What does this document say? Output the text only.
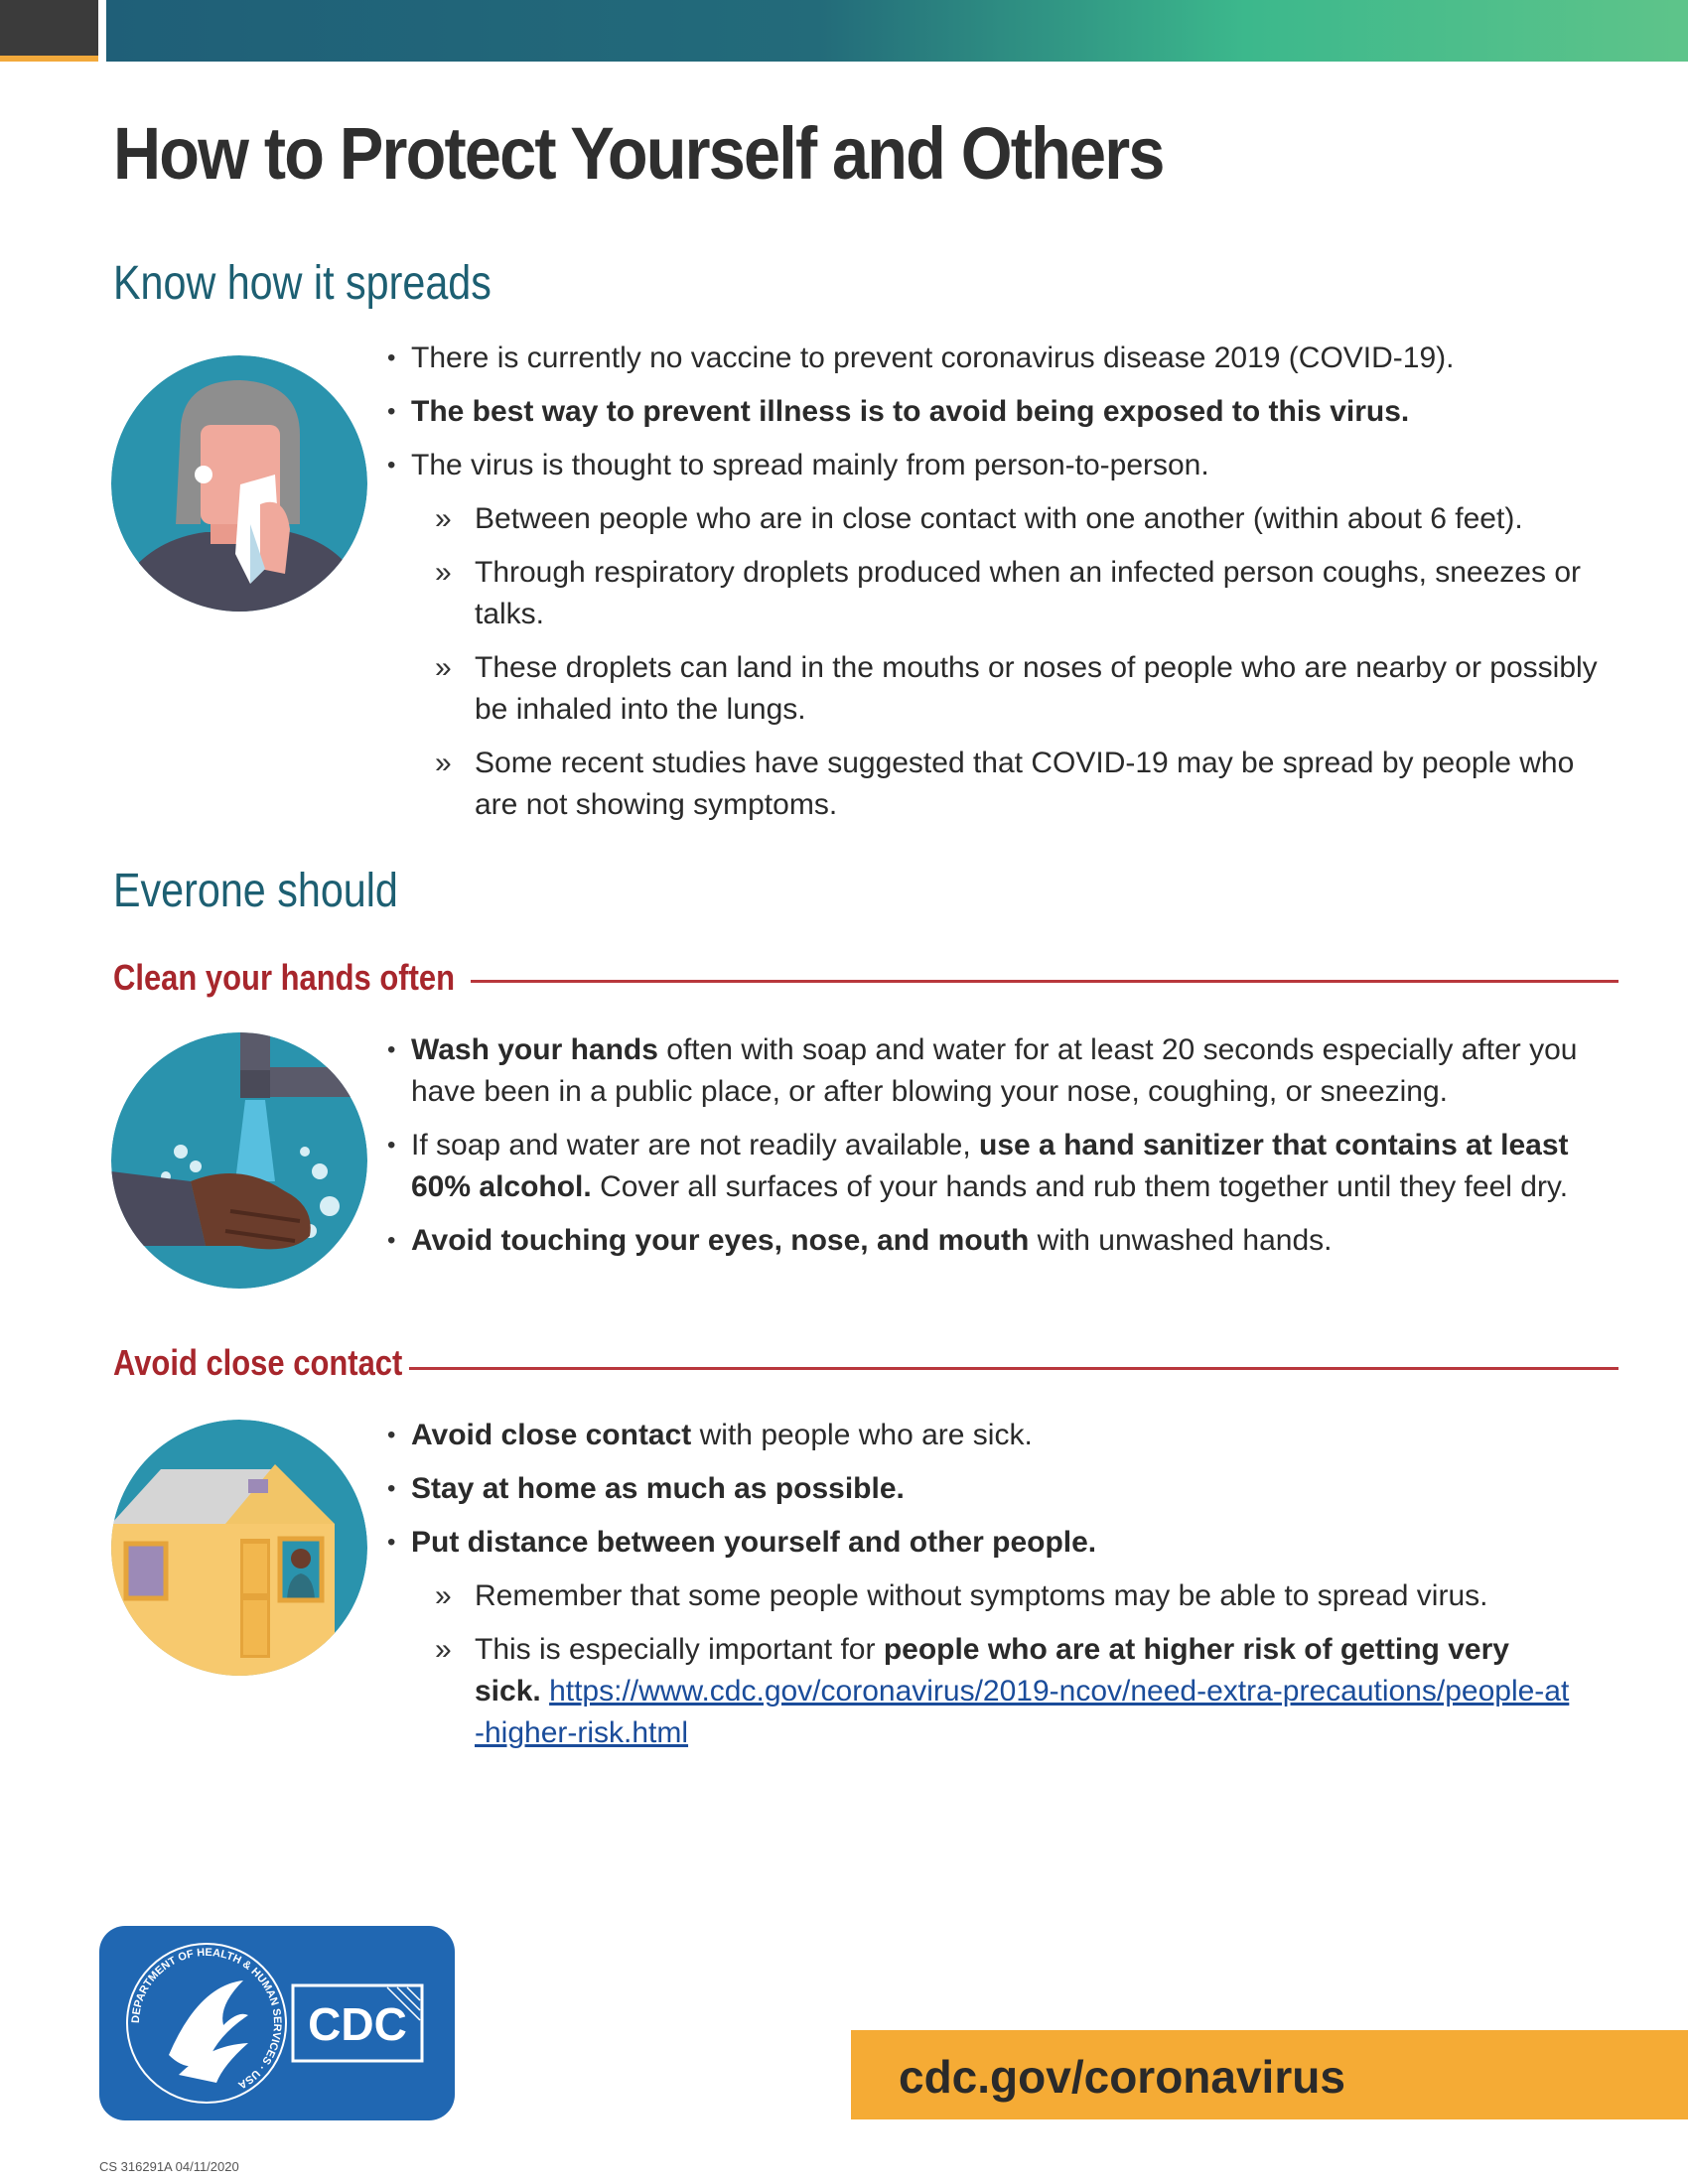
How to Protect Yourself and Others
Know how it spreads
• There is currently no vaccine to prevent coronavirus disease 2019 (COVID-19).
• The best way to prevent illness is to avoid being exposed to this virus.
• The virus is thought to spread mainly from person-to-person.
» Between people who are in close contact with one another (within about 6 feet).
» Through respiratory droplets produced when an infected person coughs, sneezes or talks.
» These droplets can land in the mouths or noses of people who are nearby or possibly be inhaled into the lungs.
» Some recent studies have suggested that COVID-19 may be spread by people who are not showing symptoms.
Everone should
Clean your hands often
• Wash your hands often with soap and water for at least 20 seconds especially after you have been in a public place, or after blowing your nose, coughing, or sneezing.
• If soap and water are not readily available, use a hand sanitizer that contains at least 60% alcohol. Cover all surfaces of your hands and rub them together until they feel dry.
• Avoid touching your eyes, nose, and mouth with unwashed hands.
Avoid close contact
• Avoid close contact with people who are sick.
• Stay at home as much as possible.
• Put distance between yourself and other people.
» Remember that some people without symptoms may be able to spread virus.
» This is especially important for people who are at higher risk of getting very sick. https://www.cdc.gov/coronavirus/2019-ncov/need-extra-precautions/people-at-higher-risk.html
DEPARTMENT OF HEALTH & HUMAN SERVICES · USA
CDC
cdc.gov/coronavirus
CS 316291A 04/11/2020
